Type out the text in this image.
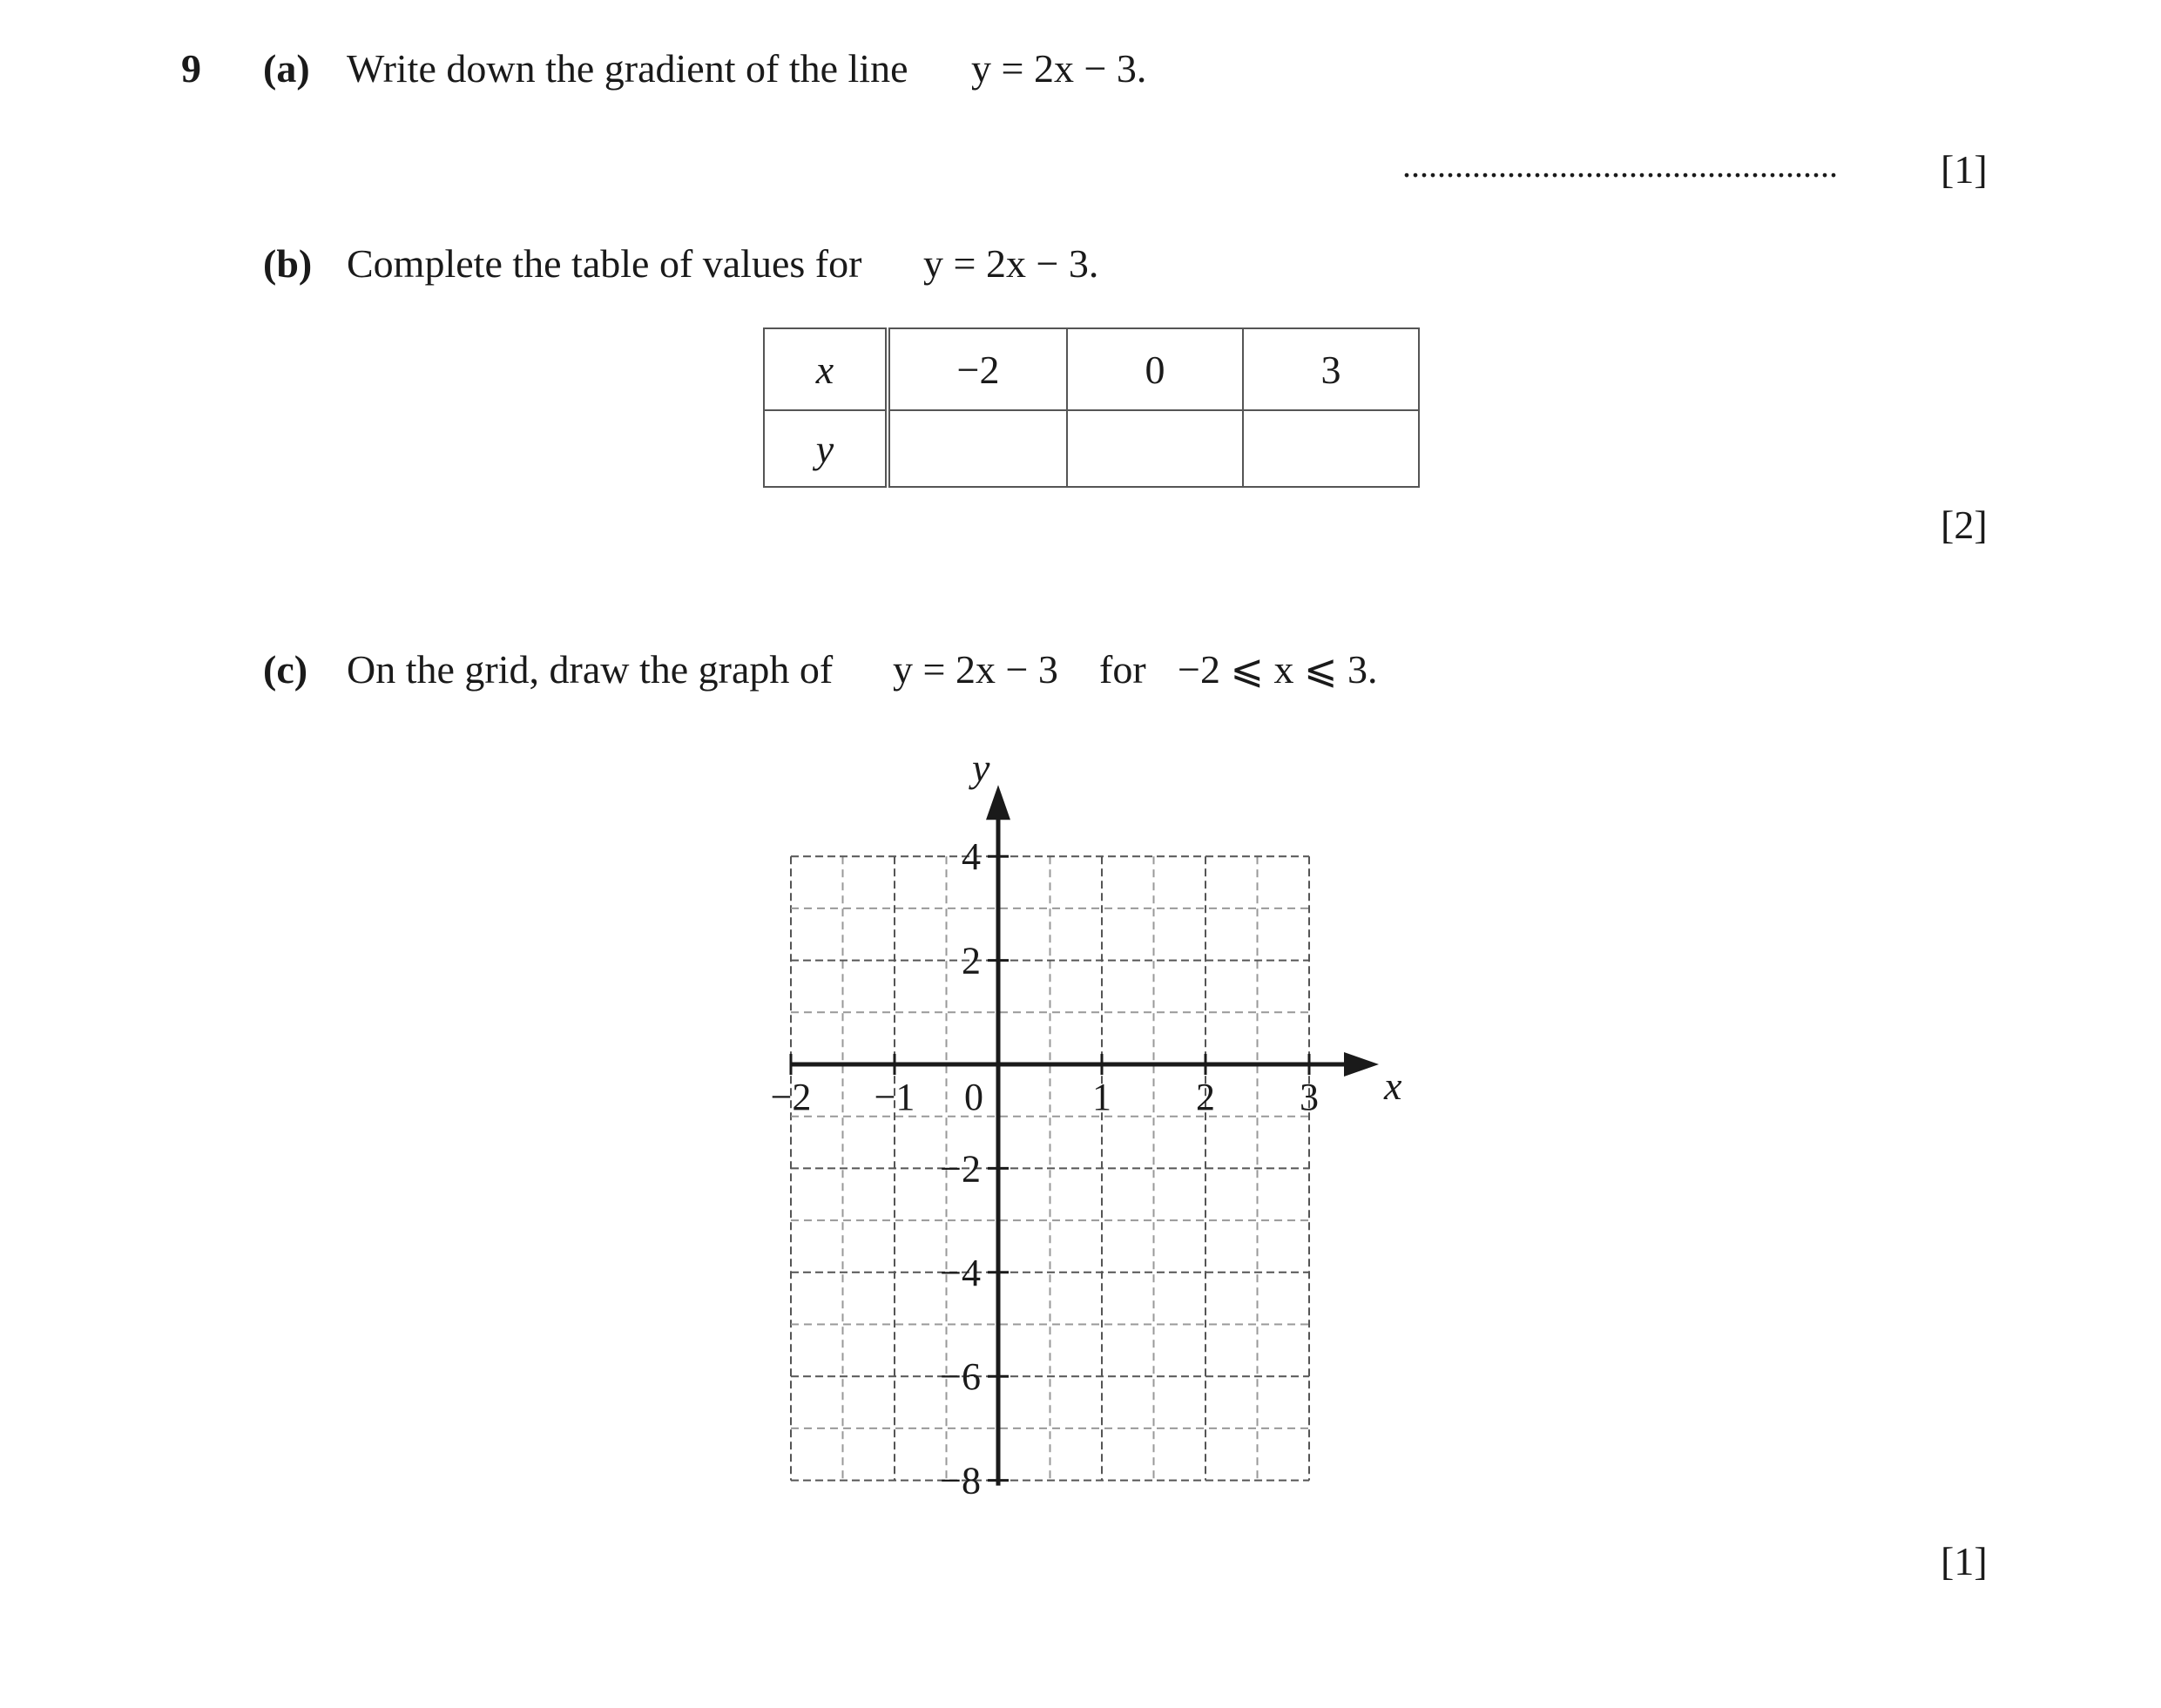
9 (a) Write down the gradient of the line y = 2x − 3.
..................................................	[1]
(b) Complete the table of values for y = 2x − 3.
x	−2	0	3
y			
[2]
(c) On the grid, draw the graph of y = 2x − 3 for −2 ⩽ x ⩽ 3.
−2 −1 0	1 2 3
4
2
−2
−4
−6
−8
x
y
[1]
